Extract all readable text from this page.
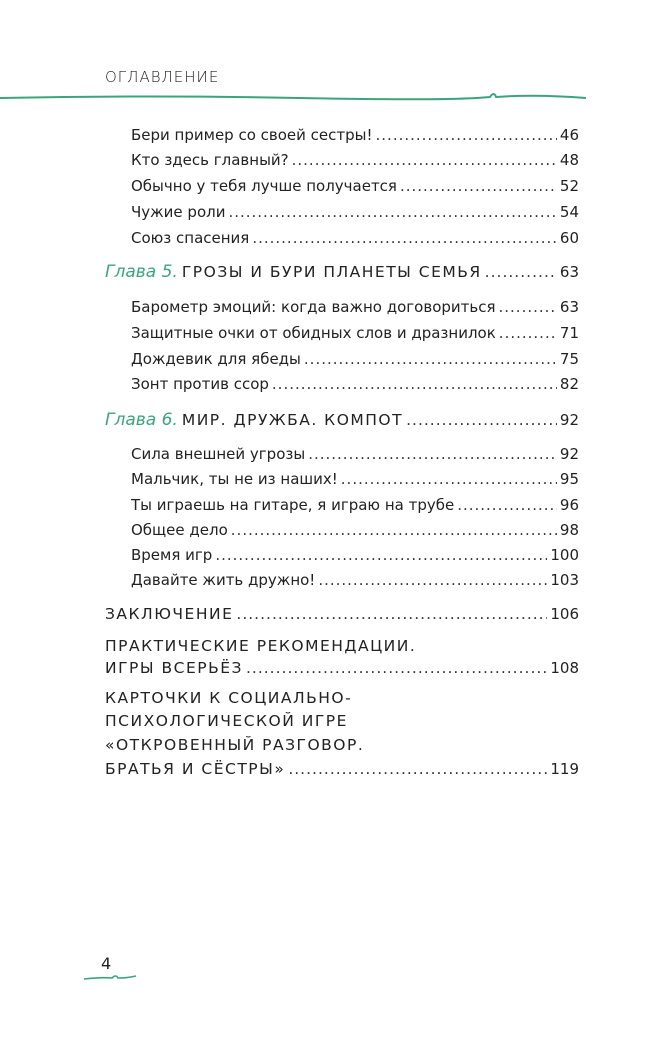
ОГЛАВЛЕНИЕ
Бери пример со своей сестры! .....	46
Кто здесь главный? .....	48
Обычно у тебя лучше получается .....	52
Чужие роли .....	54
Союз спасения .....	60
Глава 5. ГРОЗЫ И БУРИ ПЛАНЕТЫ СЕМЬЯ .....	63
Барометр эмоций: когда важно договориться .....	63
Защитные очки от обидных слов и дразнилок .....	71
Дождевик для ябеды .....	75
Зонт против ссор .....	82
Глава 6. МИР. ДРУЖБА. КОМПОТ .....	92
Сила внешней угрозы .....	92
Мальчик, ты не из наших! .....	95
Ты играешь на гитаре, я играю на трубе .....	96
Общее дело .....	98
Время игр .....	100
Давайте жить дружно! .....	103
ЗАКЛЮЧЕНИЕ .....	106
ПРАКТИЧЕСКИЕ РЕКОМЕНДАЦИИ.
ИГРЫ ВСЕРЬЁЗ .....	108
КАРТОЧКИ К СОЦИАЛЬНО-
ПСИХОЛОГИЧЕСКОЙ ИГРЕ
«ОТКРОВЕННЫЙ РАЗГОВОР.
БРАТЬЯ И СЁСТРЫ» .....	119
4
